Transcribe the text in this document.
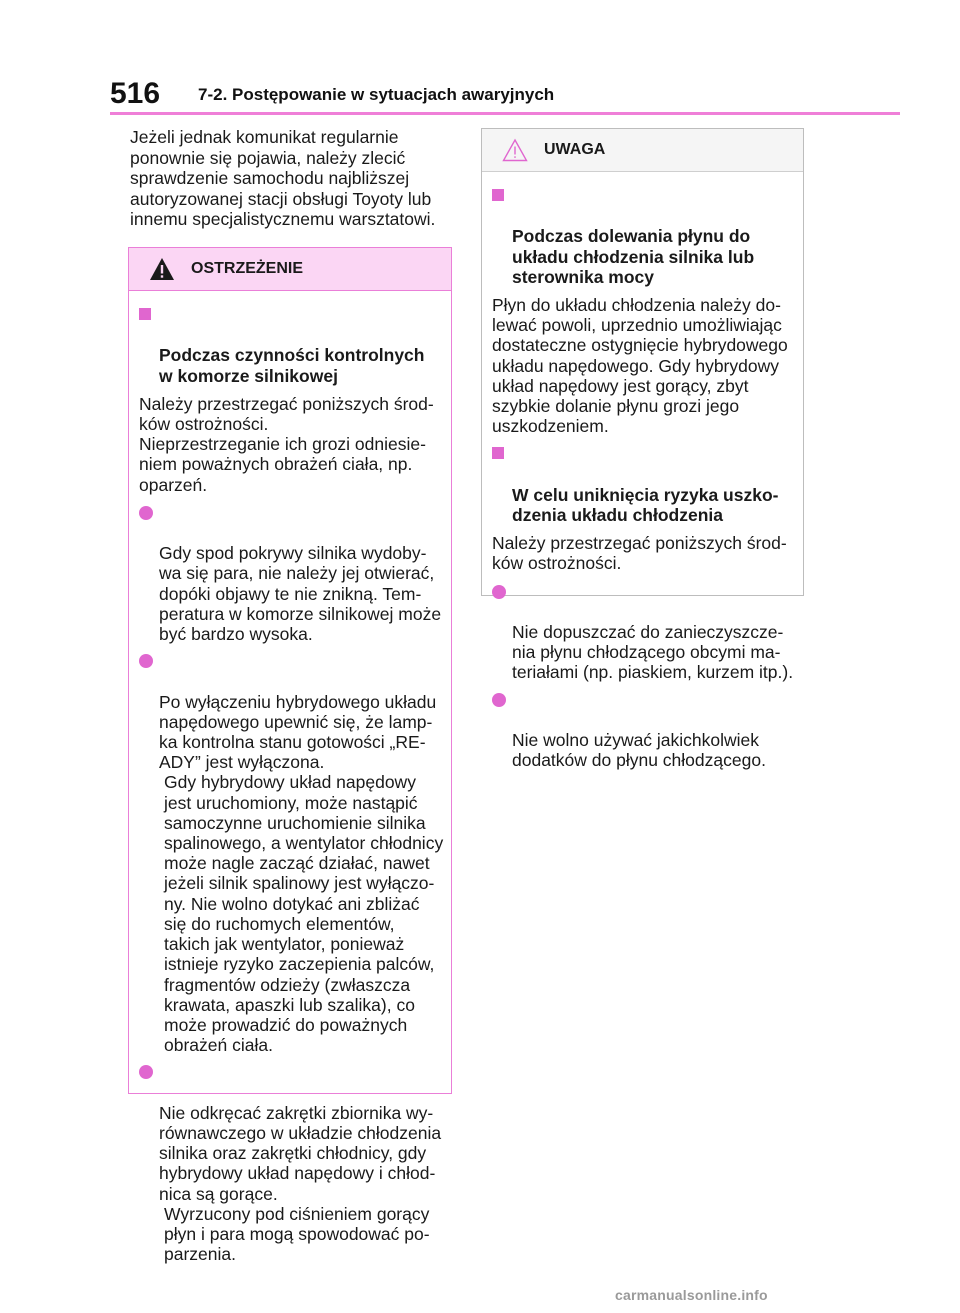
516 7-2. Postępowanie w sytuacjach awaryjnych

Jeżeli jednak komunikat regularnie
ponownie się pojawia, należy zlecić
sprawdzenie samochodu najbliższej
autoryzowanej stacji obsługi Toyoty lub
innemu specjalistycznemu warsztatowi.

OSTRZEŻENIE

Podczas czynności kontrolnych
w komorze silnikowej

Należy przestrzegać poniższych środ-
ków ostrożności.
Nieprzestrzeganie ich grozi odniesie-
niem poważnych obrażeń ciała, np.
oparzeń.

Gdy spod pokrywy silnika wydoby-
wa się para, nie należy jej otwierać,
dopóki objawy te nie znikną. Tem-
peratura w komorze silnikowej może
być bardzo wysoka.

Po wyłączeniu hybrydowego układu
napędowego upewnić się, że lamp-
ka kontrolna stanu gotowości „RE-
ADY” jest wyłączona.

Gdy hybrydowy układ napędowy
jest uruchomiony, może nastąpić
samoczynne uruchomienie silnika
spalinowego, a wentylator chłodnicy
może nagle zacząć działać, nawet
jeżeli silnik spalinowy jest wyłączo-
ny. Nie wolno dotykać ani zbliżać
się do ruchomych elementów,
takich jak wentylator, ponieważ
istnieje ryzyko zaczepienia palców,
fragmentów odzieży (zwłaszcza
krawata, apaszki lub szalika), co
może prowadzić do poważnych
obrażeń ciała.

Nie odkręcać zakrętki zbiornika wy-
równawczego w układzie chłodzenia
silnika oraz zakrętki chłodnicy, gdy
hybrydowy układ napędowy i chłod-
nica są gorące.

Wyrzucony pod ciśnieniem gorący
płyn i para mogą spowodować po-
parzenia.

UWAGA

Podczas dolewania płynu do
układu chłodzenia silnika lub
sterownika mocy

Płyn do układu chłodzenia należy do-
lewać powoli, uprzednio umożliwiając
dostateczne ostygnięcie hybrydowego
układu napędowego. Gdy hybrydowy
układ napędowy jest gorący, zbyt
szybkie dolanie płynu grozi jego
uszkodzeniem.

W celu uniknięcia ryzyka uszko-
dzenia układu chłodzenia

Należy przestrzegać poniższych środ-
ków ostrożności.

Nie dopuszczać do zanieczyszcze-
nia płynu chłodzącego obcymi ma-
teriałami (np. piaskiem, kurzem itp.).

Nie wolno używać jakichkolwiek
dodatków do płynu chłodzącego.

carmanualsonline.info
